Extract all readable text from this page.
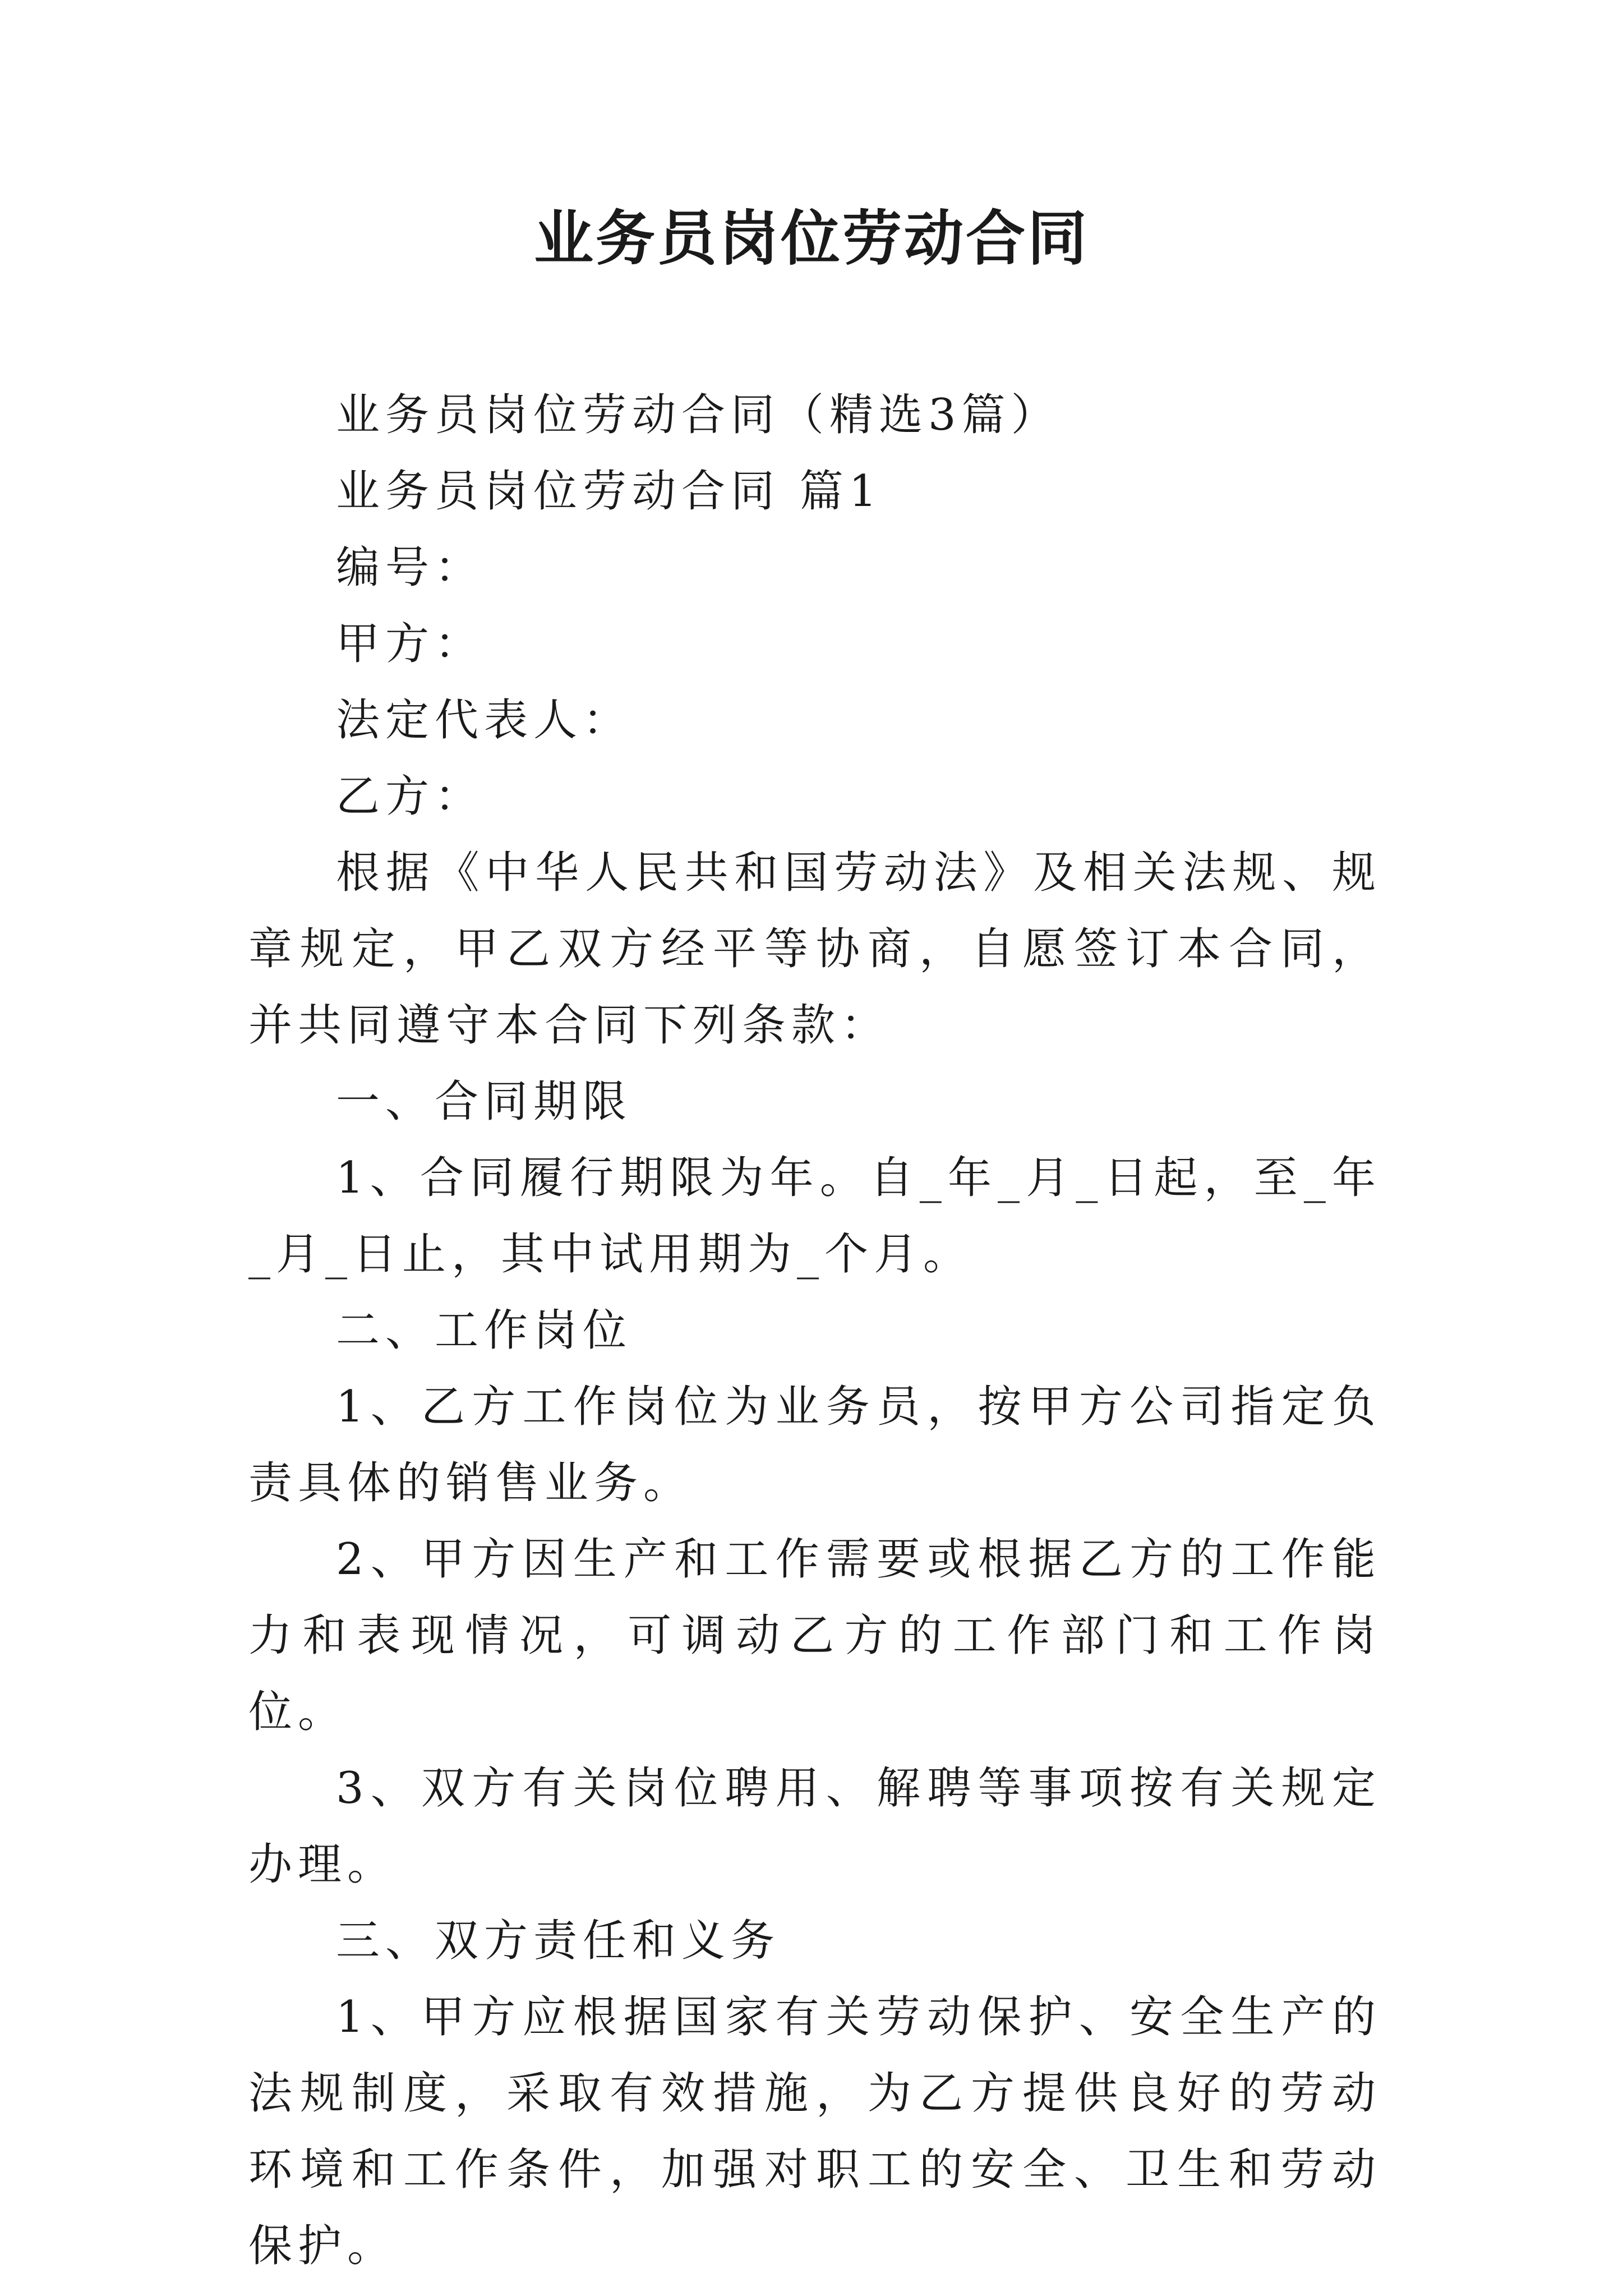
业务员岗位劳动合同

业务员岗位劳动合同（精选3篇）

业务员岗位劳动合同 篇1

编号：

甲方：

法定代表人：

乙方：

根据《中华人民共和国劳动法》及相关法规、规章规定，甲乙双方经平等协商，自愿签订本合同，并共同遵守本合同下列条款：

一、合同期限

1、合同履行期限为年。自_年_月_日起，至_年_月_日止，其中试用期为_个月。

二、工作岗位

1、乙方工作岗位为业务员，按甲方公司指定负责具体的销售业务。

2、甲方因生产和工作需要或根据乙方的工作能力和表现情况，可调动乙方的工作部门和工作岗位。

3、双方有关岗位聘用、解聘等事项按有关规定办理。

三、双方责任和义务

1、甲方应根据国家有关劳动保护、安全生产的法规制度，采取有效措施，为乙方提供良好的劳动环境和工作条件，加强对职工的安全、卫生和劳动保护。
